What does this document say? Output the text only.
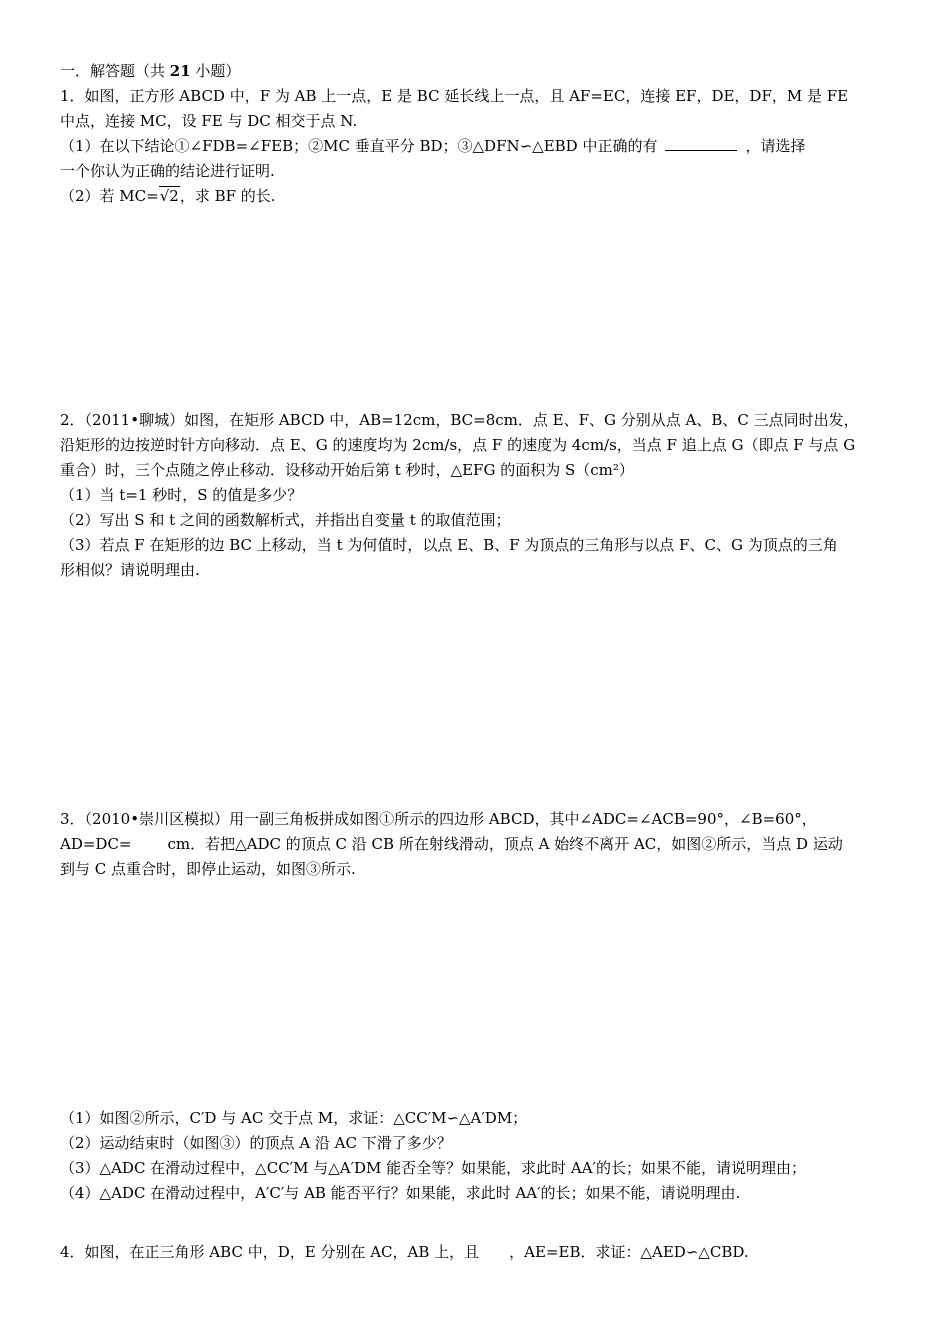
一．解答题（共 21 小题）
1．如图，正方形 ABCD 中，F 为 AB 上一点，E 是 BC 延长线上一点，且 AF=EC，连接 EF，DE，DF，M 是 FE
中点，连接 MC，设 FE 与 DC 相交于点 N.
（1）在以下结论①∠FDB=∠FEB；②MC 垂直平分 BD；③△DFN∽△EBD 中正确的有	，请选择
一个你认为正确的结论进行证明.
（2）若 MC=√2，求 BF 的长.
2．（2011•聊城）如图，在矩形 ABCD 中，AB=12cm，BC=8cm．点 E、F、G 分别从点 A、B、C 三点同时出发，
沿矩形的边按逆时针方向移动．点 E、G 的速度均为 2cm/s，点 F 的速度为 4cm/s，当点 F 追上点 G（即点 F 与点 G
重合）时，三个点随之停止移动．设移动开始后第 t 秒时，△EFG 的面积为 S（cm²）
（1）当 t=1 秒时，S 的值是多少？
（2）写出 S 和 t 之间的函数解析式，并指出自变量 t 的取值范围；
（3）若点 F 在矩形的边 BC 上移动，当 t 为何值时，以点 E、B、F 为顶点的三角形与以点 F、C、G 为顶点的三角
形相似？请说明理由.
3．（2010•崇川区模拟）用一副三角板拼成如图①所示的四边形 ABCD，其中∠ADC=∠ACB=90°，∠B=60°，
AD=DC= cm．若把△ADC 的顶点 C 沿 CB 所在射线滑动，顶点 A 始终不离开 AC，如图②所示，当点 D 运动
到与 C 点重合时，即停止运动，如图③所示.
（1）如图②所示，C′D 与 AC 交于点 M，求证：△CC′M∽△A′DM；
（2）运动结束时（如图③）的顶点 A 沿 AC 下滑了多少？
（3）△ADC 在滑动过程中，△CC′M 与△A′DM 能否全等？如果能，求此时 AA′的长；如果不能，请说明理由；
（4）△ADC 在滑动过程中，A′C′与 AB 能否平行？如果能，求此时 AA′的长；如果不能，请说明理由.
4．如图，在正三角形 ABC 中，D，E 分别在 AC，AB 上，且 ，AE=EB．求证：△AED∽△CBD.
